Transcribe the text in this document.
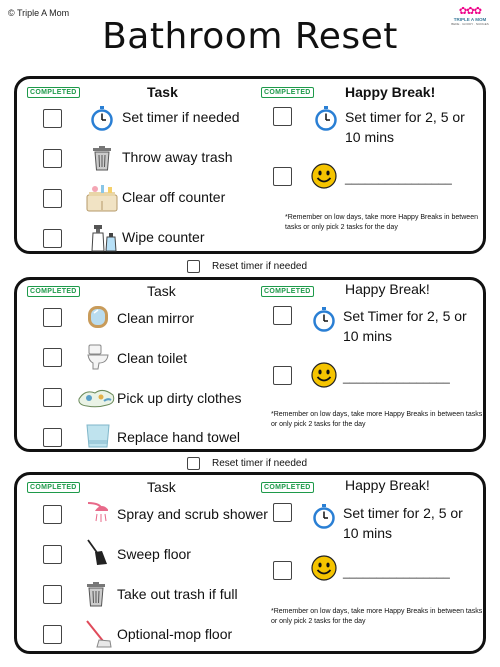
© Triple A Mom	✿✿✿
TRIPLE A MOM
BEDE · GOODY · NUDGES
Bathroom Reset
COMPLETED	Task	COMPLETED Happy Break!
Set timer if needed
Throw away trash
Clear off counter
Wipe counter
Set timer for 2, 5 or 10 mins
________________
*Remember on low days, take more Happy Breaks in between tasks or only pick 2 tasks for the day
Reset timer if needed
COMPLETED	Task	COMPLETED Happy Break!
Clean mirror
Clean toilet
Pick up dirty clothes
Replace hand towel
Set Timer for 2, 5 or 10 mins
________________
*Remember on low days, take more Happy Breaks in between tasks or only pick 2 tasks for the day
Reset timer if needed
COMPLETED	Task	COMPLETED Happy Break!
Spray and scrub shower
Sweep floor
Take out trash if full
Optional-mop floor
Set timer for 2, 5 or 10 mins
________________
*Remember on low days, take more Happy Breaks in between tasks or only pick 2 tasks for the day
